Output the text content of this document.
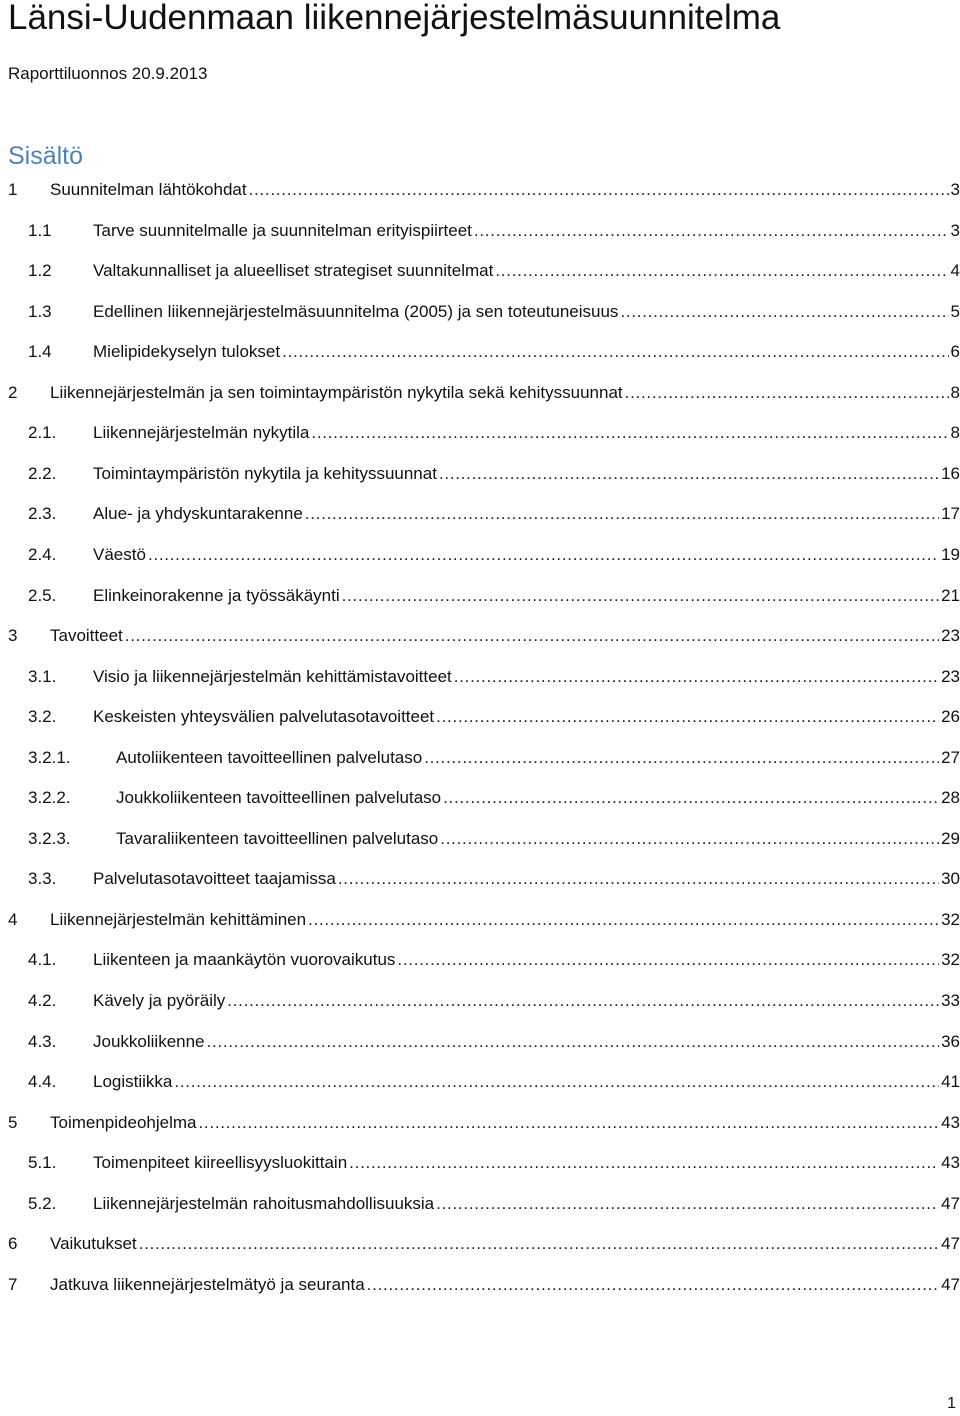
Länsi-Uudenmaan liikennejärjestelmäsuunnitelma

Raporttiluonnos 20.9.2013

Sisältö
1 Suunnitelman lähtökohdat . . .	3
1.1 Tarve suunnitelmalle ja suunnitelman erityispiirteet . . .	3
1.2 Valtakunnalliset ja alueelliset strategiset suunnitelmat . . .	4
1.3 Edellinen liikennejärjestelmäsuunnitelma (2005) ja sen toteutuneisuus . . .	5
1.4 Mielipidekyselyn tulokset . . .	6
2 Liikennejärjestelmän ja sen toimintaympäristön nykytila sekä kehityssuunnat . . .	8
2.1. Liikennejärjestelmän nykytila . . .	8
2.2. Toimintaympäristön nykytila ja kehityssuunnat . . .	16
2.3. Alue- ja yhdyskuntarakenne . . .	17
2.4. Väestö . . .	19
2.5. Elinkeinorakenne ja työssäkäynti . . .	21
3 Tavoitteet . . .	23
3.1. Visio ja liikennejärjestelmän kehittämistavoitteet . . .	23
3.2. Keskeisten yhteysvälien palvelutasotavoitteet . . .	26
3.2.1.	Autoliikenteen tavoitteellinen palvelutaso . . .	27
3.2.2.	Joukkoliikenteen tavoitteellinen palvelutaso . . .	28
3.2.3.	Tavaraliikenteen tavoitteellinen palvelutaso . . .	29
3.3. Palvelutasotavoitteet taajamissa . . .	30
4 Liikennejärjestelmän kehittäminen . . .	32
4.1. Liikenteen ja maankäytön vuorovaikutus . . .	32
4.2. Kävely ja pyöräily . . .	33
4.3. Joukkoliikenne . . .	36
4.4. Logistiikka . . .	41
5 Toimenpideohjelma . . .	43
5.1. Toimenpiteet kiireellisyysluokittain . . .	43
5.2. Liikennejärjestelmän rahoitusmahdollisuuksia . . .	47
6 Vaikutukset . . .	47
7 Jatkuva liikennejärjestelmätyö ja seuranta . . .	47
1
